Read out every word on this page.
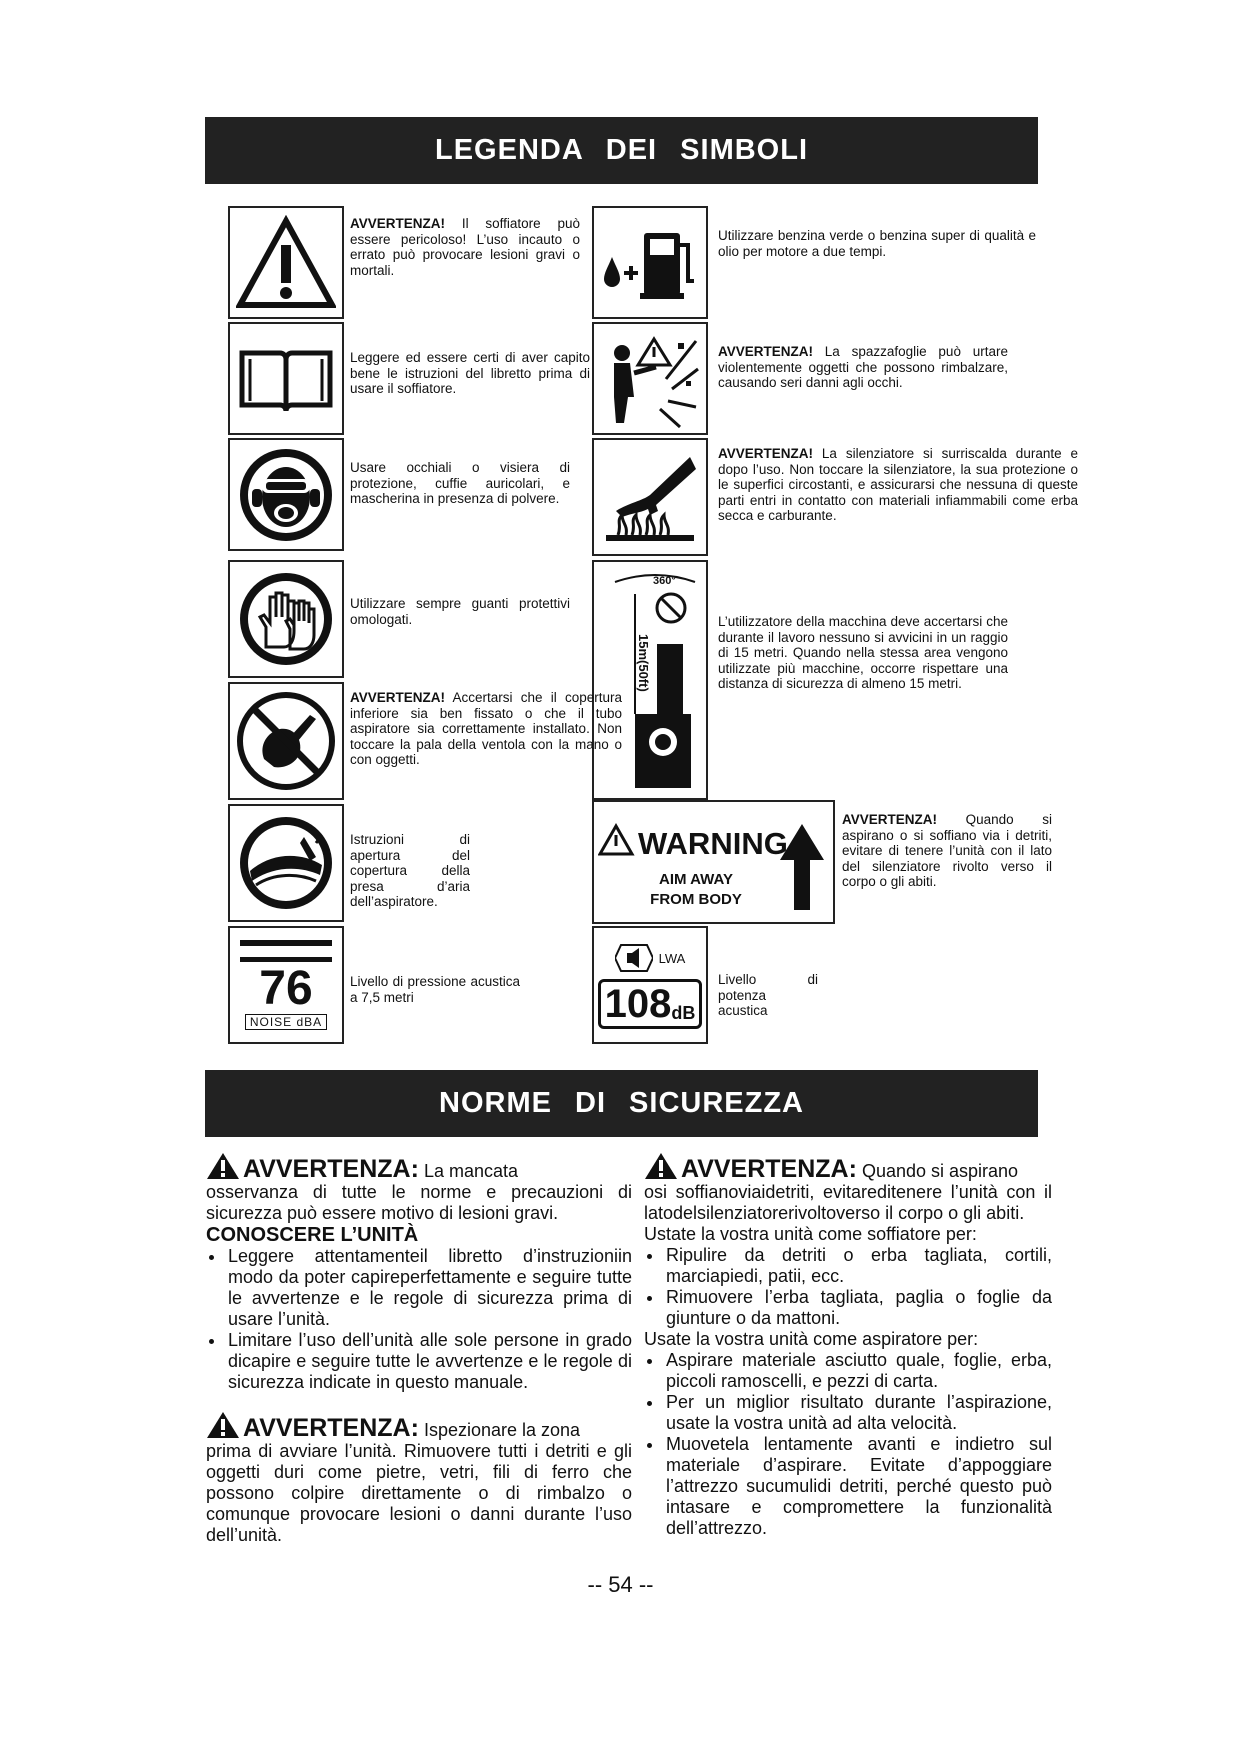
LEGENDA DEI SIMBOLI
AVVERTENZA! Il soffiatore può essere pericoloso! L’uso incauto o errato può provocare lesioni gravi o mortali.
Utilizzare benzina verde o benzina super di qualità e olio per motore a due tempi.
Leggere ed essere certi di aver capito bene le istruzioni del libretto prima di usare il soffiatore.
AVVERTENZA! La spazzafoglie può urtare violentemente oggetti che possono rimbalzare, causando seri danni agli occhi.
Usare occhiali o visiera di protezione, cuffie auricolari, e mascherina in presenza di polvere.
AVVERTENZA! La silenziatore si surriscalda durante e dopo l’uso. Non toccare la silenziatore, la sua protezione o le superfici circostanti, e assicurarsi che nessuna di queste parti entri in contatto con materiali infiammabili come erba secca e carburante.
Utilizzare sempre guanti protettivi omologati.
360°
15m(50ft)
L’utilizzatore della macchina deve accertarsi che durante il lavoro nessuno si avvicini in un raggio di 15 metri. Quando nella stessa area vengono utilizzate più macchine, occorre rispettare una distanza di sicurezza di almeno 15 metri.
AVVERTENZA! Accertarsi che il copertura inferiore sia ben fissato o che il tubo aspiratore sia correttamente installato. Non toccare la pala della ventola con la mano o con oggetti.
WARNING
AIM AWAY
FROM BODY
AVVERTENZA! Quando si aspirano o si soffiano via i detriti, evitare di tenere l’unità con il lato del silenziatore rivolto verso il corpo o gli abiti.
Istruzioni di apertura del copertura della presa d’aria dell’aspiratore.
76
NOISE dBA
Livello di pressione acustica a 7,5 metri
LWA
108 dB
Livello di potenza acustica
NORME DI SICUREZZA

AVVERTENZA: La mancata

osservanza di tutte le norme e precauzioni di sicurezza può essere motivo di lesioni gravi.

CONOSCERE L’UNITÀ

• Leggere attentamenteil libretto d’instruzioniin modo da poter capireperfettamente e seguire tutte le avvertenze e le regole di sicurezza prima di usare l’unità.
• Limitare l’uso dell’unità alle sole persone in grado dicapire e seguire tutte le avvertenze e le regole di sicurezza indicate in questo manuale.

AVVERTENZA: Ispezionare la zona

prima di avviare l’unità. Rimuovere tutti i detriti e gli oggetti duri come pietre, vetri, fili di ferro che possono colpire direttamente o di rimbalzo o comunque provocare lesioni o danni durante l’uso dell’unità.

AVVERTENZA: Quando si aspirano

osi soffianoviaidetriti, evitareditenere l’unità con il latodelsilenziatorerivoltoverso il corpo o gli abiti.

Ustate la vostra unità come soffiatore per:

• Ripulire da detriti o erba tagliata, cortili, marciapiedi, patii, ecc.
• Rimuovere l’erba tagliata, paglia o foglie da giunture o da mattoni.

Usate la vostra unità come aspiratore per:

• Aspirare materiale asciutto quale, foglie, erba, piccoli ramoscelli, e pezzi di carta.
• Per un miglior risultato durante l’aspirazione, usate la vostra unità ad alta velocità.
• Muovetela lentamente avanti e indietro sul materiale d’aspirare. Evitate d’appoggiare l’attrezzo sucumulidi detriti, perché questo può intasare e compromettere la funzionalità dell’attrezzo.
-- 54 --
